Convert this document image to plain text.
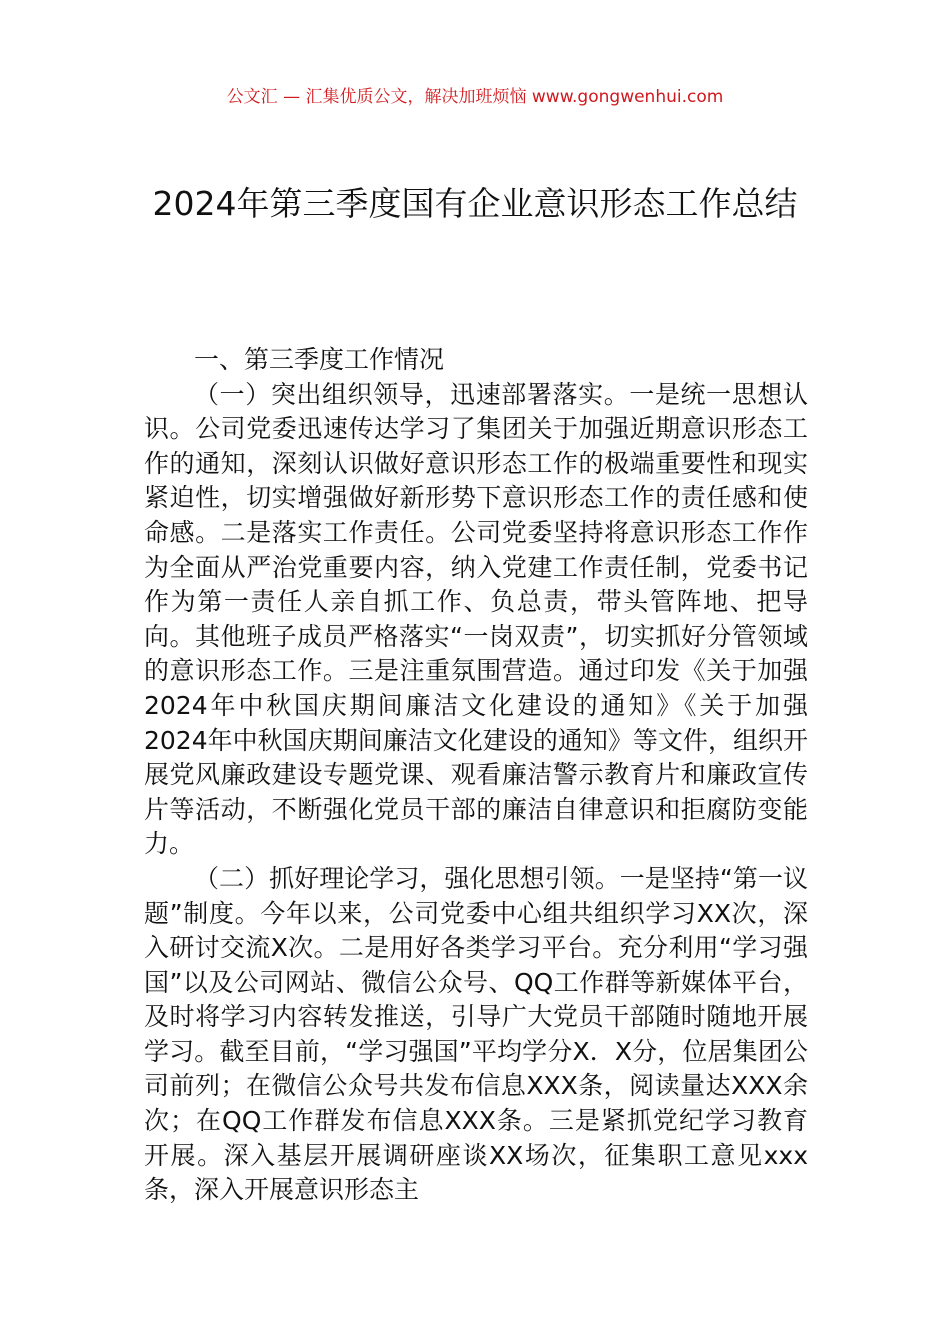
公文汇 — 汇集优质公文，解决加班烦恼 www.gongwenhui.com
2024年第三季度国有企业意识形态工作总结

一、第三季度工作情况

（一）突出组织领导，迅速部署落实。一是统一思想认识。公司党委迅速传达学习了集团关于加强近期意识形态工作的通知，深刻认识做好意识形态工作的极端重要性和现实紧迫性，切实增强做好新形势下意识形态工作的责任感和使命感。二是落实工作责任。公司党委坚持将意识形态工作作为全面从严治党重要内容，纳入党建工作责任制，党委书记作为第一责任人亲自抓工作、负总责，带头管阵地、把导向。其他班子成员严格落实“一岗双责”，切实抓好分管领域的意识形态工作。三是注重氛围营造。通过印发《关于加强2024年中秋国庆期间廉洁文化建设的通知》《关于加强2024年中秋国庆期间廉洁文化建设的通知》等文件，组织开展党风廉政建设专题党课、观看廉洁警示教育片和廉政宣传片等活动，不断强化党员干部的廉洁自律意识和拒腐防变能力。

（二）抓好理论学习，强化思想引领。一是坚持“第一议题”制度。今年以来，公司党委中心组共组织学习XX次，深入研讨交流X次。二是用好各类学习平台。充分利用“学习强国”以及公司网站、微信公众号、QQ工作群等新媒体平台，及时将学习内容转发推送，引导广大党员干部随时随地开展学习。截至目前，“学习强国”平均学分X．X分，位居集团公司前列；在微信公众号共发布信息XXX条，阅读量达XXX余次；在QQ工作群发布信息XXX条。三是紧抓党纪学习教育开展。深入基层开展调研座谈XX场次，征集职工意见xxx条，深入开展意识形态主
